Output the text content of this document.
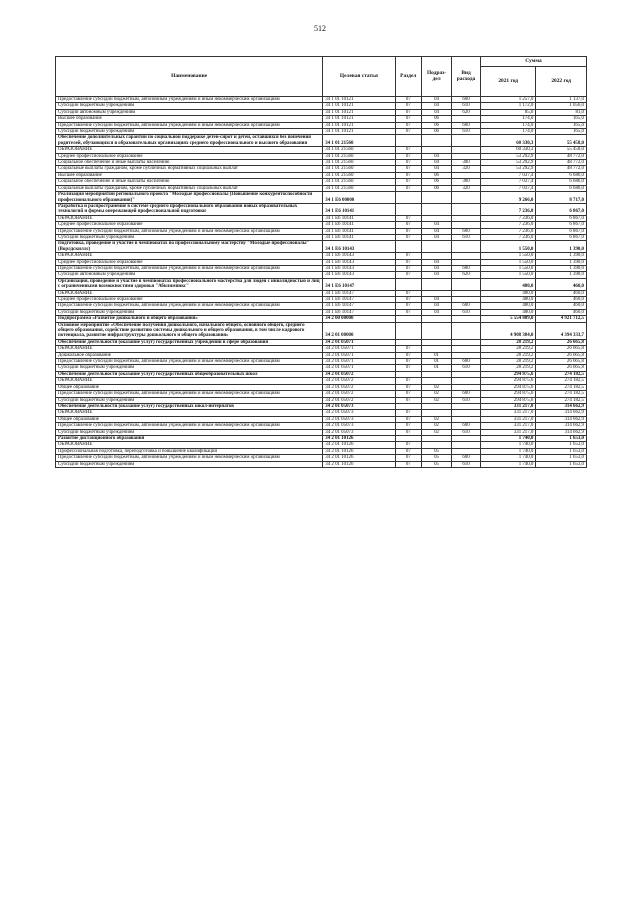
512
Наименование	Целевая статья	Раздел	Подраз-дел	Вид расхода	Сумма	
					2021 год	2022 год
Предоставление субсидий бюджетным, автономным учреждениям и иным некоммерческим организациям	34 1 01 10121	07	04	600	1 257,0	1 137,0
Субсидии бюджетным учреждениям	34 1 01 10121	07	04	610	1 172,0	1 056,0
Субсидии автономным учреждениям	34 1 01 10121	07	04	620	85,0	81,0
Высшее образование	34 1 01 10121	07	06		174,0	165,0
Предоставление субсидий бюджетным, автономным учреждениям и иным некоммерческим организациям	34 1 01 10121	07	06	600	174,0	165,0
Субсидии бюджетным учреждениям	34 1 01 10121	07	06	610	174,0	165,0
Обеспечение дополнительных гарантий по социальной поддержке детей-сирот и детей, оставшихся без попечения родителей, обучающихся в образовательных организациях среднего профессионального и высшего образования	34 1 01 21560				60 330,3	55 458,0
ОБРАЗОВАНИЕ	34 1 01 21560	07			60 330,3	55 458,0
Среднее профессиональное образование	34 1 01 21560	07	04		53 292,9	48 772,0
Социальное обеспечение и иные выплаты населению	34 1 01 21560	07	04	300	53 292,9	48 772,0
Социальные выплаты гражданам, кроме публичных нормативных социальных выплат	34 1 01 21560	07	04	320	53 292,9	48 772,0
Высшее образование	34 1 01 21560	07	06		7 037,4	6 686,0
Социальное обеспечение и иные выплаты населению	34 1 01 21560	07	06	300	7 037,4	6 686,0
Социальные выплаты гражданам, кроме публичных нормативных социальных выплат	34 1 01 21560	07	06	320	7 037,4	6 686,0
Реализация мероприятий регионального проекта "Молодые профессионалы (Повышение конкурентоспособности профессионального образования)"	34 1 Е6 00000				9 266,0	8 717,0
Разработка и распространение в системе среднего профессионального образования новых образовательных технологий и формы опережающей профессиональной подготовки	34 1 Е6 10141				7 236,0	6 867,0
ОБРАЗОВАНИЕ	34 1 Е6 10141	07			7 236,0	6 867,0
Среднее профессиональное образование	34 1 Е6 10141	07	04		7 236,0	6 867,0
Предоставление субсидий бюджетным, автономным учреждениям и иным некоммерческим организациям	34 1 Е6 10141	07	04	600	7 236,0	6 867,0
Субсидии бюджетным учреждениям	34 1 Е6 10141	07	04	610	7 236,0	6 867,0
Подготовка, проведение и участие в чемпионатах по профессиональному мастерству "Молодые профессионалы" (Ворлдскиллс)	34 1 Е6 10143				1 550,0	1 390,0
ОБРАЗОВАНИЕ	34 1 Е6 10143	07			1 550,0	1 390,0
Среднее профессиональное образование	34 1 Е6 10143	07	04		1 550,0	1 390,0
Предоставление субсидий бюджетным, автономным учреждениям и иным некоммерческим организациям	34 1 Е6 10143	07	04	600	1 550,0	1 390,0
Субсидии автономным учреждениям	34 1 Е6 10143	07	04	620	1 550,0	1 390,0
Организация, проведение и участие в чемпионатах профессионального мастерства для людей с инвалидностью и лиц с ограниченными возможностями здоровья "Абилимпикс"	34 1 Е6 10147				480,0	460,0
ОБРАЗОВАНИЕ	34 1 Е6 10147	07			480,0	460,0
Среднее профессиональное образование	34 1 Е6 10147	07	04		480,0	460,0
Предоставление субсидий бюджетным, автономным учреждениям и иным некоммерческим организациям	34 1 Е6 10147	07	04	600	480,0	460,0
Субсидии бюджетным учреждениям	34 1 Е6 10147	07	04	610	480,0	460,0
Подпрограмма «Развитие дошкольного и общего образования»	34 2 00 00000				5 554 809,0	4 921 712,5
Основное мероприятие «Обеспечение получения дошкольного, начального общего, основного общего, среднего общего образования, содействие развитию системы дошкольного и общего образования, в том числе кадрового потенциала, развитие инфраструктуры дошкольного и общего образования»	34 2 01 00000				4 908 384,0	4 394 333,7
Обеспечение деятельности (оказание услуг) государственных учреждений в сфере образования	34 2 01 05071				28 219,2	26 665,8
ОБРАЗОВАНИЕ	34 2 01 05071	07			28 219,2	26 665,8
Дошкольное образование	34 2 01 05071	07	01		28 219,2	26 665,8
Предоставление субсидий бюджетным, автономным учреждениям и иным некоммерческим организациям	34 2 01 05071	07	01	600	28 219,2	26 665,8
Субсидии бюджетным учреждениям	34 2 01 05071	07	01	610	28 219,2	26 665,8
Обеспечение деятельности (оказание услуг) государственных общеобразовательных школ	34 2 01 05072				294 875,6	274 182,5
ОБРАЗОВАНИЕ	34 2 01 05072	07			294 875,6	274 182,5
Общее образование	34 2 01 05072	07	02		294 875,6	274 182,5
Предоставление субсидий бюджетным, автономным учреждениям и иным некоммерческим организациям	34 2 01 05072	07	02	600	294 875,6	274 182,5
Субсидии бюджетным учреждениям	34 2 01 05072	07	02	610	294 875,6	274 182,5
Обеспечение деятельности (оказание услуг) государственных школ-интернатов	34 2 01 05073				331 217,0	314 662,9
ОБРАЗОВАНИЕ	34 2 01 05073	07			331 217,0	314 662,9
Общее образование	34 2 01 05073	07	02		331 217,0	314 662,9
Предоставление субсидий бюджетным, автономным учреждениям и иным некоммерческим организациям	34 2 01 05073	07	02	600	331 217,0	314 662,9
Субсидии бюджетным учреждениям	34 2 01 05073	07	02	610	331 217,0	314 662,9
Развитие дистанционного образования	34 2 01 10126				1 740,0	1 653,0
ОБРАЗОВАНИЕ	34 2 01 10126	07			1 740,0	1 653,0
Профессиональная подготовка, переподготовка и повышение квалификации	34 2 01 10126	07	05		1 740,0	1 653,0
Предоставление субсидий бюджетным, автономным учреждениям и иным некоммерческим организациям	34 2 01 10126	07	05	600	1 740,0	1 653,0
Субсидии бюджетным учреждениям	34 2 01 10126	07	05	610	1 740,0	1 653,0
